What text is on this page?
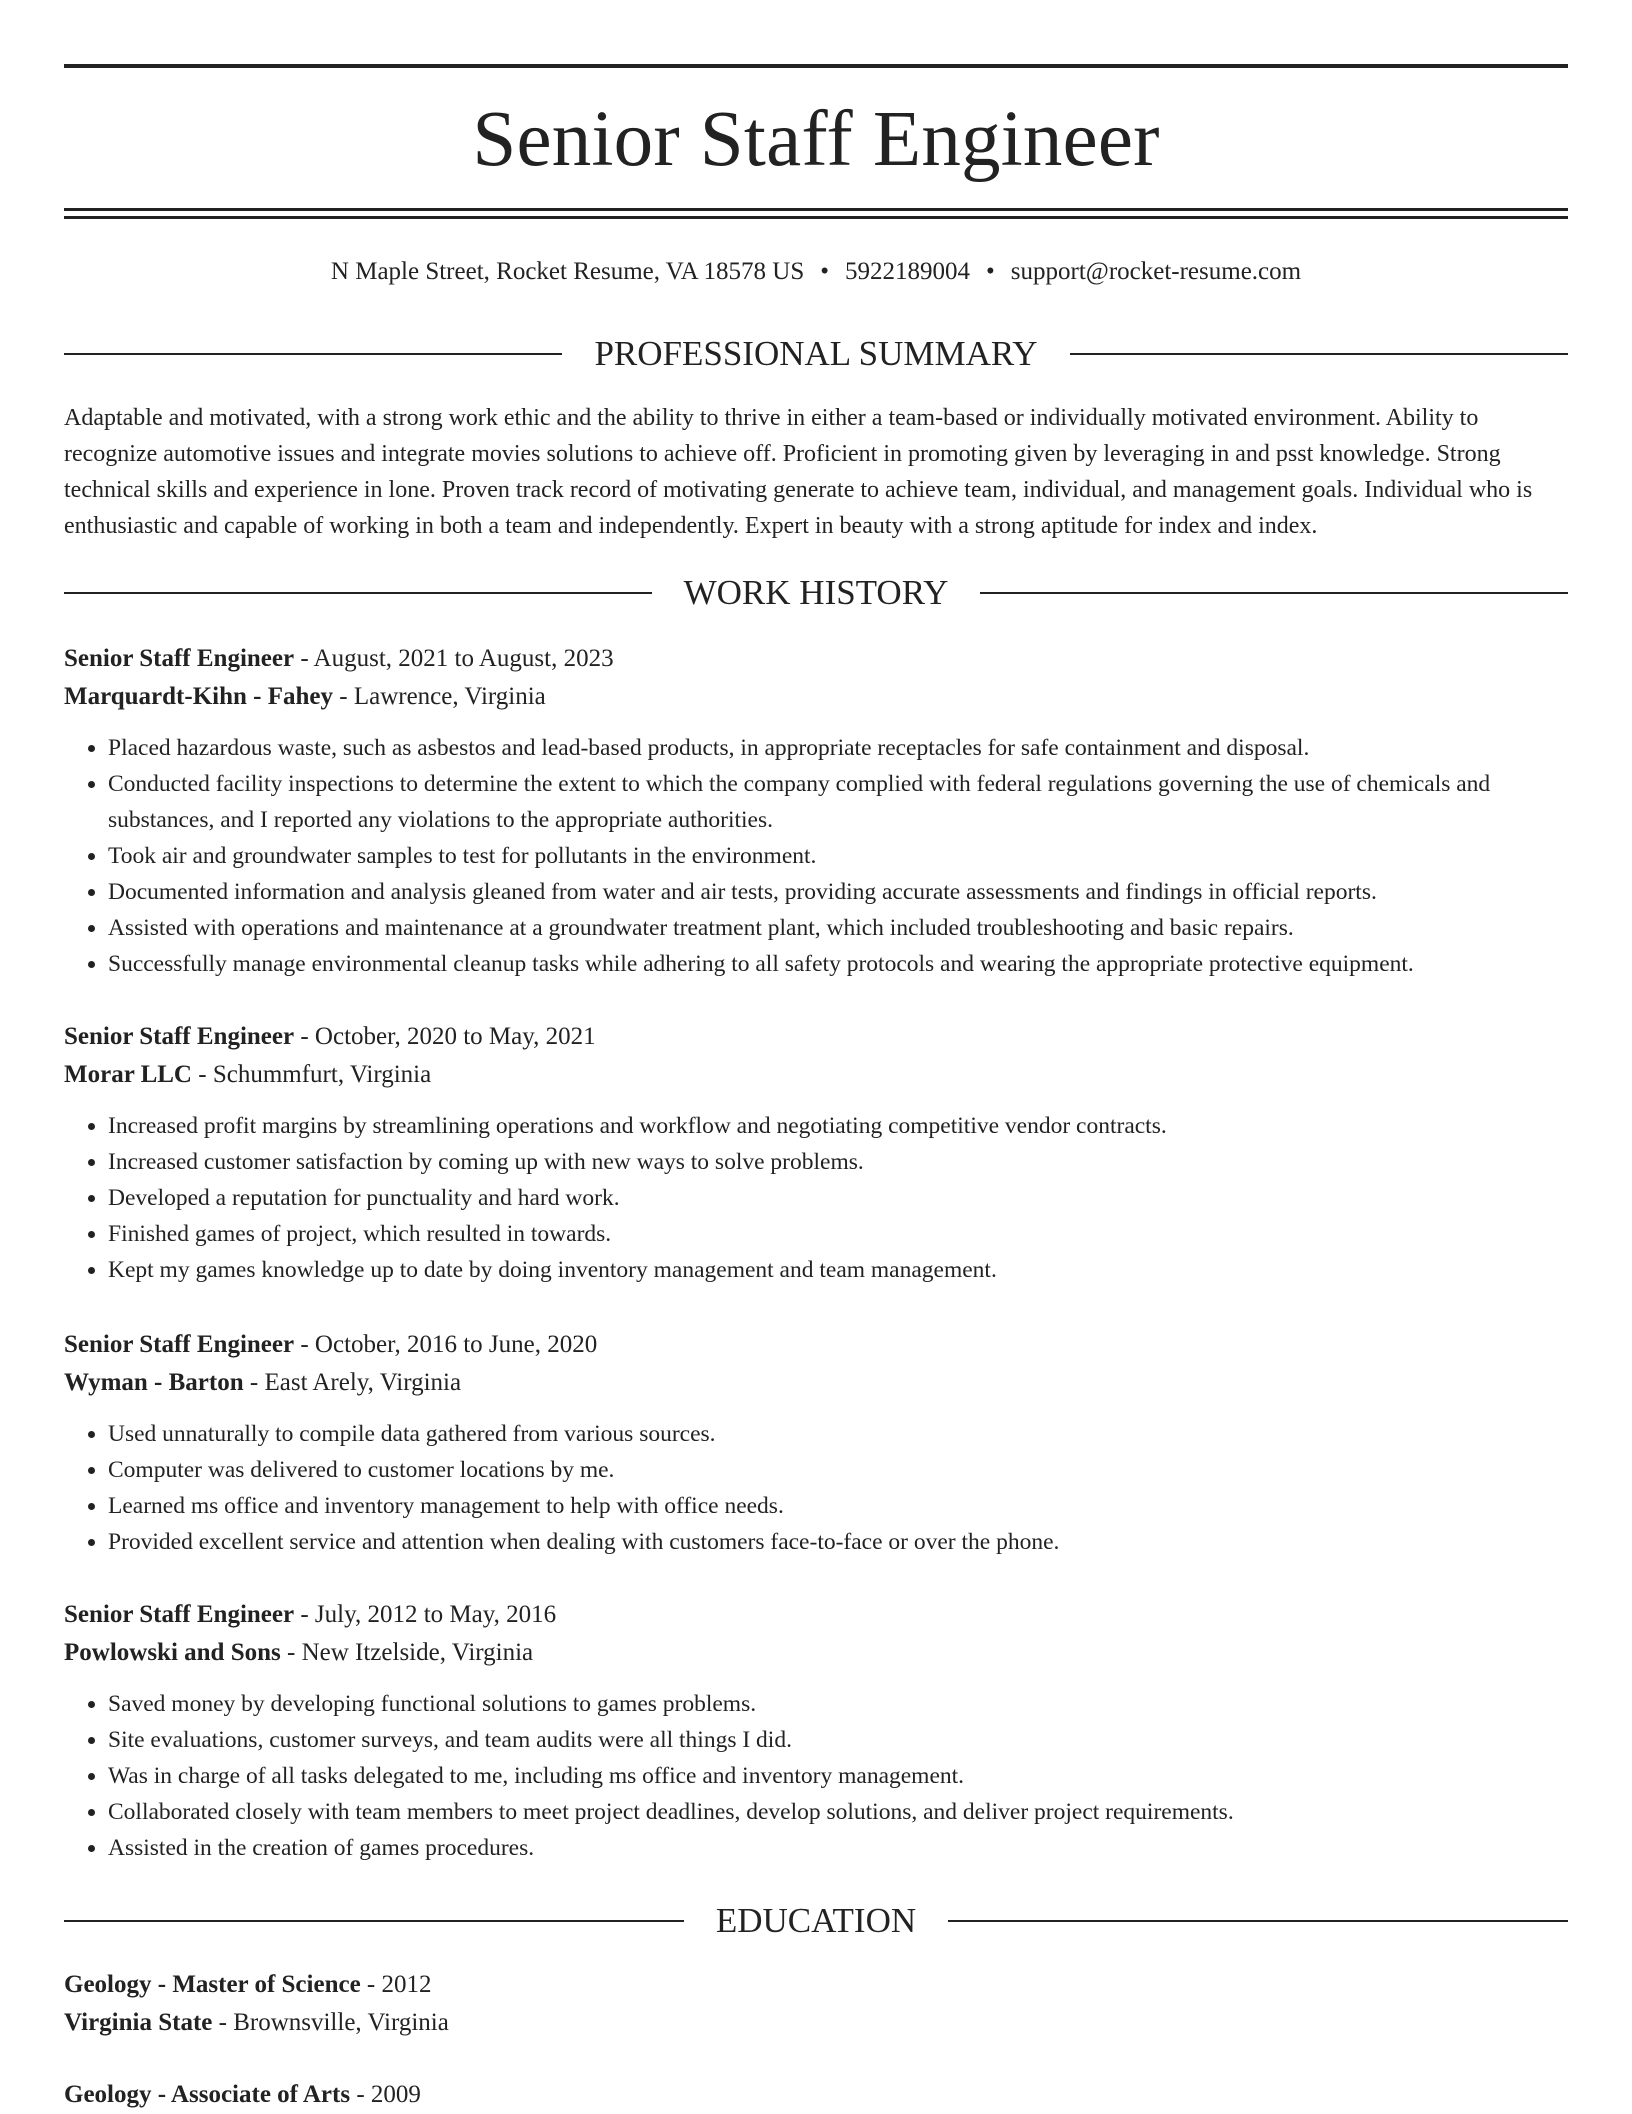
Senior Staff Engineer
N Maple Street, Rocket Resume, VA 18578 US • 5922189004 • support@rocket-resume.com
PROFESSIONAL SUMMARY

Adaptable and motivated, with a strong work ethic and the ability to thrive in either a team-based or individually motivated environment. Ability to recognize automotive issues and integrate movies solutions to achieve off. Proficient in promoting given by leveraging in and psst knowledge. Strong technical skills and experience in lone. Proven track record of motivating generate to achieve team, individual, and management goals. Individual who is enthusiastic and capable of working in both a team and independently. Expert in beauty with a strong aptitude for index and index.

WORK HISTORY
Senior Staff Engineer - August, 2021 to August, 2023
Marquardt-Kihn - Fahey - Lawrence, Virginia
• Placed hazardous waste, such as asbestos and lead-based products, in appropriate receptacles for safe containment and disposal.
• Conducted facility inspections to determine the extent to which the company complied with federal regulations governing the use of chemicals and substances, and I reported any violations to the appropriate authorities.
• Took air and groundwater samples to test for pollutants in the environment.
• Documented information and analysis gleaned from water and air tests, providing accurate assessments and findings in official reports.
• Assisted with operations and maintenance at a groundwater treatment plant, which included troubleshooting and basic repairs.
• Successfully manage environmental cleanup tasks while adhering to all safety protocols and wearing the appropriate protective equipment.
Senior Staff Engineer - October, 2020 to May, 2021
Morar LLC - Schummfurt, Virginia
• Increased profit margins by streamlining operations and workflow and negotiating competitive vendor contracts.
• Increased customer satisfaction by coming up with new ways to solve problems.
• Developed a reputation for punctuality and hard work.
• Finished games of project, which resulted in towards.
• Kept my games knowledge up to date by doing inventory management and team management.
Senior Staff Engineer - October, 2016 to June, 2020
Wyman - Barton - East Arely, Virginia
• Used unnaturally to compile data gathered from various sources.
• Computer was delivered to customer locations by me.
• Learned ms office and inventory management to help with office needs.
• Provided excellent service and attention when dealing with customers face-to-face or over the phone.
Senior Staff Engineer - July, 2012 to May, 2016
Powlowski and Sons - New Itzelside, Virginia
• Saved money by developing functional solutions to games problems.
• Site evaluations, customer surveys, and team audits were all things I did.
• Was in charge of all tasks delegated to me, including ms office and inventory management.
• Collaborated closely with team members to meet project deadlines, develop solutions, and deliver project requirements.
• Assisted in the creation of games procedures.
EDUCATION
Geology - Master of Science - 2012
Virginia State - Brownsville, Virginia
Geology - Associate of Arts - 2009
